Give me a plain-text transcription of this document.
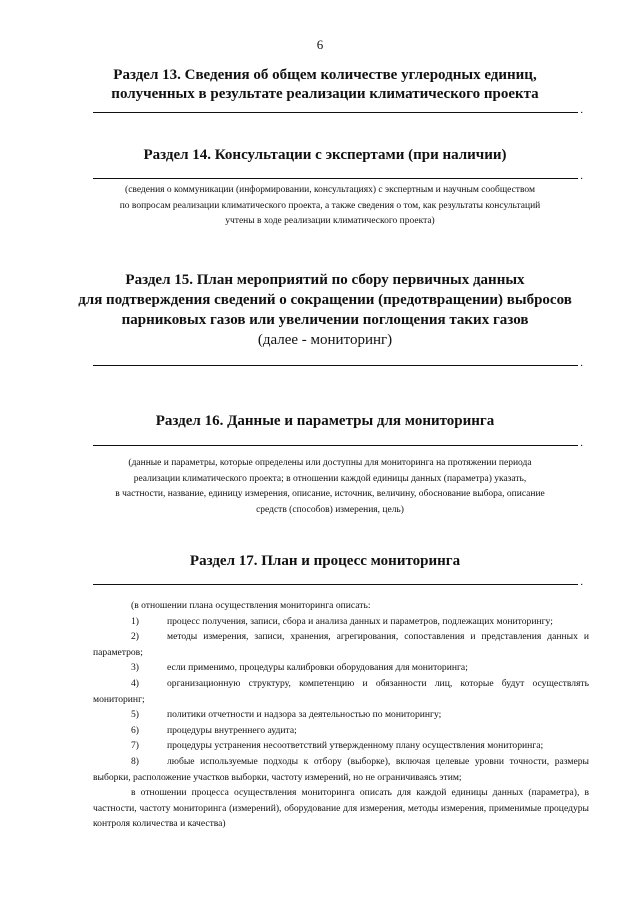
6
Раздел 13. Сведения об общем количестве углеродных единиц,
полученных в результате реализации климатического проекта
.
Раздел 14. Консультации с экспертами (при наличии)
.
(сведения о коммуникации (информировании, консультациях) с экспертным и научным сообществом
по вопросам реализации климатического проекта, а также сведения о том, как результаты консультаций
учтены в ходе реализации климатического проекта)
Раздел 15. План мероприятий по сбору первичных данных
для подтверждения сведений о сокращении (предотвращении) выбросов
парниковых газов или увеличении поглощения таких газов
(далее - мониторинг)
.
Раздел 16. Данные и параметры для мониторинга
.
(данные и параметры, которые определены или доступны для мониторинга на протяжении периода
реализации климатического проекта; в отношении каждой единицы данных (параметра) указать,
в частности, название, единицу измерения, описание, источник, величину, обоснование выбора, описание
средств (способов) измерения, цель)
Раздел 17. План и процесс мониторинга
.
(в отношении плана осуществления мониторинга описать:
1)	процесс получения, записи, сбора и анализа данных и параметров, подлежащих мониторингу;
2)	методы измерения, записи, хранения, агрегирования, сопоставления и представления данных и параметров;
3)	если применимо, процедуры калибровки оборудования для мониторинга;
4)	организационную структуру, компетенцию и обязанности лиц, которые будут осуществлять мониторинг;
5)	политики отчетности и надзора за деятельностью по мониторингу;
6)	процедуры внутреннего аудита;
7)	процедуры устранения несоответствий утвержденному плану осуществления мониторинга;
8)	любые используемые подходы к отбору (выборке), включая целевые уровни точности, размеры выборки, расположение участков выборки, частоту измерений, но не ограничиваясь этим;
в отношении процесса осуществления мониторинга описать для каждой единицы данных (параметра), в частности, частоту мониторинга (измерений), оборудование для измерения, методы измерения, применимые процедуры контроля количества и качества)
